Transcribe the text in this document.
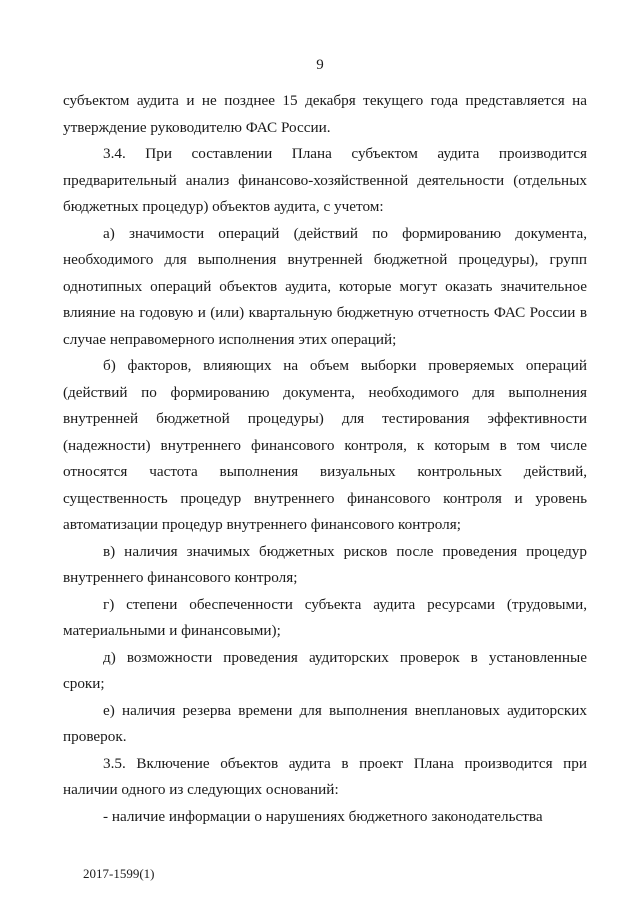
9

субъектом аудита и не позднее 15 декабря текущего года представляется на утверждение руководителю ФАС России.

3.4. При составлении Плана субъектом аудита производится предварительный анализ финансово-хозяйственной деятельности (отдельных бюджетных процедур) объектов аудита, с учетом:

а) значимости операций (действий по формированию документа, необходимого для выполнения внутренней бюджетной процедуры), групп однотипных операций объектов аудита, которые могут оказать значительное влияние на годовую и (или) квартальную бюджетную отчетность ФАС России в случае неправомерного исполнения этих операций;

б) факторов, влияющих на объем выборки проверяемых операций (действий по формированию документа, необходимого для выполнения внутренней бюджетной процедуры) для тестирования эффективности (надежности) внутреннего финансового контроля, к которым в том числе относятся частота выполнения визуальных контрольных действий, существенность процедур внутреннего финансового контроля и уровень автоматизации процедур внутреннего финансового контроля;

в) наличия значимых бюджетных рисков после проведения процедур внутреннего финансового контроля;

г) степени обеспеченности субъекта аудита ресурсами (трудовыми, материальными и финансовыми);

д) возможности проведения аудиторских проверок в установленные сроки;

е) наличия резерва времени для выполнения внеплановых аудиторских проверок.

3.5. Включение объектов аудита в проект Плана производится при наличии одного из следующих оснований:

- наличие информации о нарушениях бюджетного законодательства

2017-1599(1)
